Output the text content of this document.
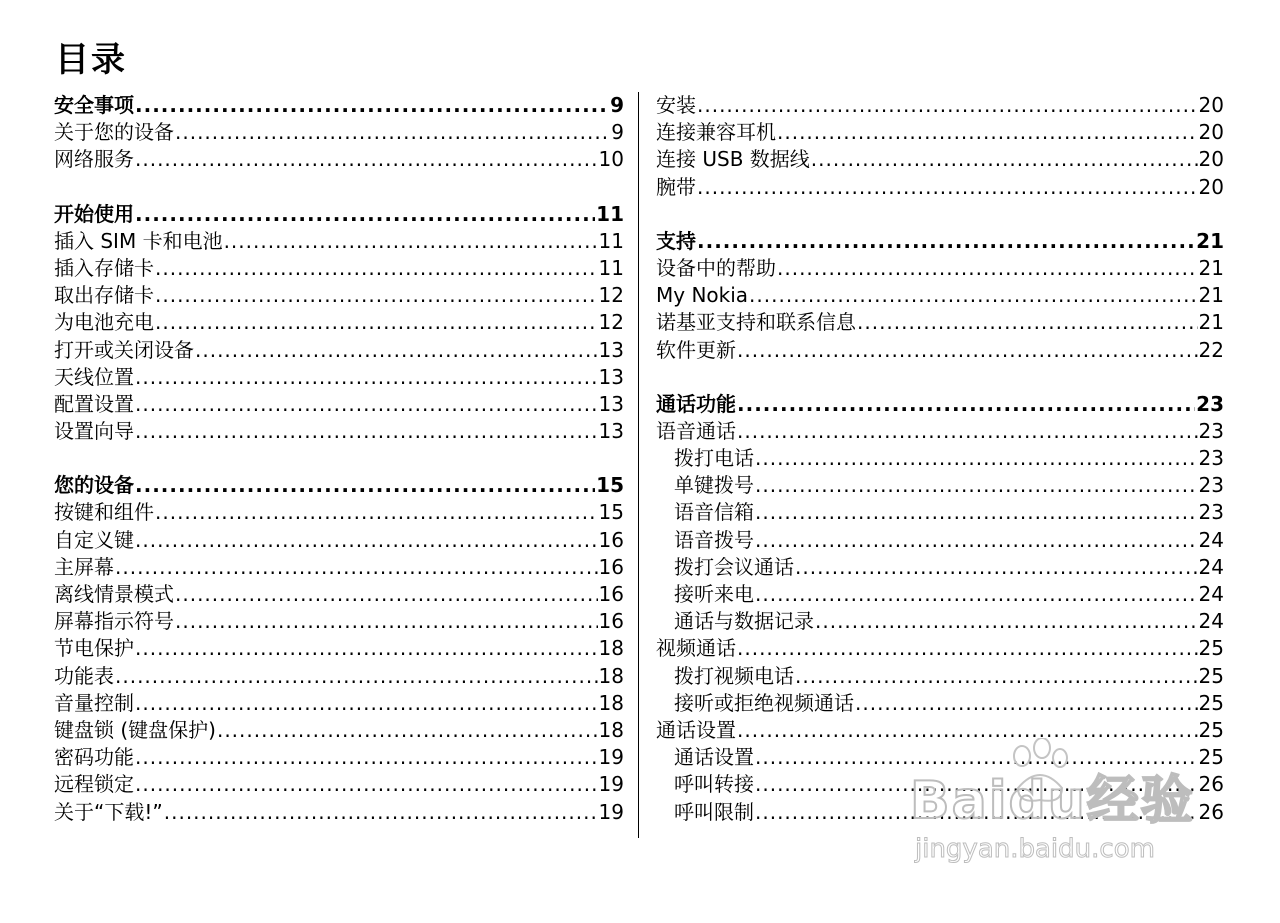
目录
安全事项 .....	9
关于您的设备 .....	9
网络服务 .....	10
开始使用 .....	11
插入 SIM 卡和电池 .....	11
插入存储卡 .....	11
取出存储卡 .....	12
为电池充电 .....	12
打开或关闭设备 .....	13
天线位置 .....	13
配置设置 .....	13
设置向导 .....	13
您的设备 .....	15
按键和组件 .....	15
自定义键 .....	16
主屏幕 .....	16
离线情景模式 .....	16
屏幕指示符号 .....	16
节电保护 .....	18
功能表 .....	18
音量控制 .....	18
键盘锁 (键盘保护) .....	18
密码功能 .....	19
远程锁定 .....	19
关于“下载!” .....	19
安装 .....	20
连接兼容耳机 .....	20
连接 USB 数据线 .....	20
腕带 .....	20
支持 .....	21
设备中的帮助 .....	21
My Nokia .....	21
诺基亚支持和联系信息 .....	21
软件更新 .....	22
通话功能 .....	23
语音通话 .....	23
拨打电话 .....	23
单键拨号 .....	23
语音信箱 .....	23
语音拨号 .....	24
拨打会议通话 .....	24
接听来电 .....	24
通话与数据记录 .....	24
视频通话 .....	25
拨打视频电话 .....	25
接听或拒绝视频通话 .....	25
通话设置 .....	25
通话设置 .....	25
呼叫转接 .....	26
呼叫限制 .....	26
Baidu经验
jingyan.baidu.com
